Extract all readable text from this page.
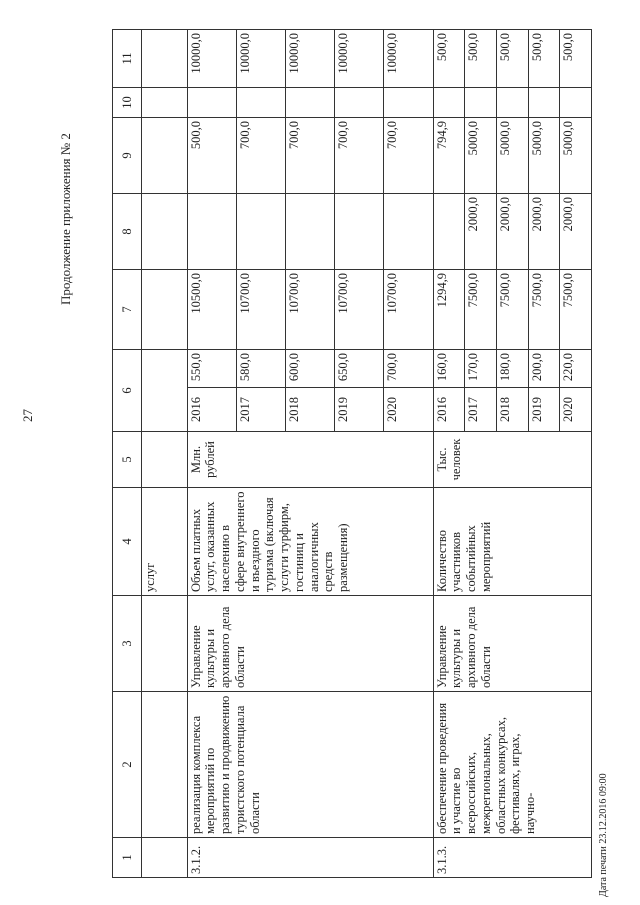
27
Продолжение приложения № 2
Дата печати 23.12.2016 09:00
1	2	3	4	5	6		7	8	9	10	11
			услуг								
3.1.2.	реализация комплекса мероприятий по развитию и продвижению туристского потенциала области	Управление культуры и архивного дела области	Объем платных услуг, оказанных населению в сфере внутреннего и въездного туризма (включая услуги турфирм, гостиниц и аналогичных средств размещения)	Млн. рублей	2016	550,0	10500,0		500,0		10000,0
					2017	580,0	10700,0		700,0		10000,0
					2018	600,0	10700,0		700,0		10000,0
					2019	650,0	10700,0		700,0		10000,0
					2020	700,0	10700,0		700,0		10000,0
3.1.3.	обеспечение проведения и участие во всероссийских, межрегиональных, областных конкурсах, фестивалях, играх, научно-	Управление культуры и архивного дела области	Количество участников событийных мероприятий	Тыс. человек	2016	160,0	1294,9		794,9		500,0
					2017	170,0	7500,0	2000,0	5000,0		500,0
					2018	180,0	7500,0	2000,0	5000,0		500,0
					2019	200,0	7500,0	2000,0	5000,0		500,0
					2020	220,0	7500,0	2000,0	5000,0		500,0
